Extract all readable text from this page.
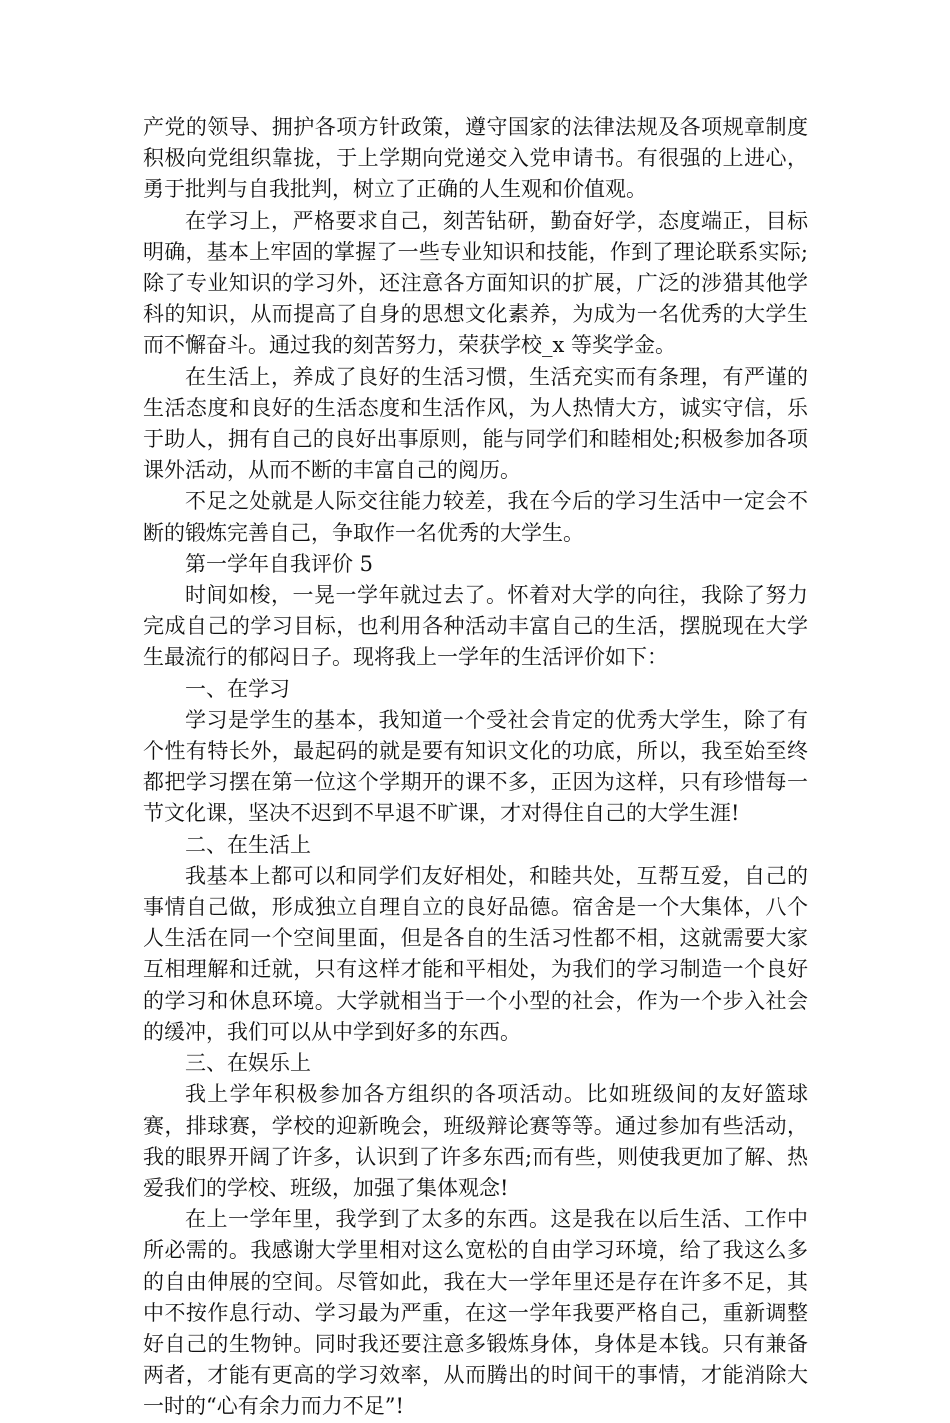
产党的领导、拥护各项方针政策，遵守国家的法律法规及各项规章制度积极向党组织靠拢，于上学期向党递交入党申请书。有很强的上进心，勇于批判与自我批判，树立了正确的人生观和价值观。

在学习上，严格要求自己，刻苦钻研，勤奋好学，态度端正，目标明确，基本上牢固的掌握了一些专业知识和技能，作到了理论联系实际;除了专业知识的学习外，还注意各方面知识的扩展，广泛的涉猎其他学科的知识，从而提高了自身的思想文化素养，为成为一名优秀的大学生而不懈奋斗。通过我的刻苦努力，荣获学校_x 等奖学金。

在生活上，养成了良好的生活习惯，生活充实而有条理，有严谨的生活态度和良好的生活态度和生活作风，为人热情大方，诚实守信，乐于助人，拥有自己的良好出事原则，能与同学们和睦相处;积极参加各项课外活动，从而不断的丰富自己的阅历。

不足之处就是人际交往能力较差，我在今后的学习生活中一定会不断的锻炼完善自己，争取作一名优秀的大学生。

第一学年自我评价 5

时间如梭，一晃一学年就过去了。怀着对大学的向往，我除了努力完成自己的学习目标，也利用各种活动丰富自己的生活，摆脱现在大学生最流行的郁闷日子。现将我上一学年的生活评价如下：

一、在学习

学习是学生的基本，我知道一个受社会肯定的优秀大学生，除了有个性有特长外，最起码的就是要有知识文化的功底，所以，我至始至终都把学习摆在第一位这个学期开的课不多，正因为这样，只有珍惜每一节文化课，坚决不迟到不早退不旷课，才对得住自己的大学生涯!

二、在生活上

我基本上都可以和同学们友好相处，和睦共处，互帮互爱，自己的事情自己做，形成独立自理自立的良好品德。宿舍是一个大集体，八个人生活在同一个空间里面，但是各自的生活习性都不相，这就需要大家互相理解和迁就，只有这样才能和平相处，为我们的学习制造一个良好的学习和休息环境。大学就相当于一个小型的社会，作为一个步入社会的缓冲，我们可以从中学到好多的东西。

三、在娱乐上

我上学年积极参加各方组织的各项活动。比如班级间的友好篮球赛，排球赛，学校的迎新晚会，班级辩论赛等等。通过参加有些活动，我的眼界开阔了许多，认识到了许多东西;而有些，则使我更加了解、热爱我们的学校、班级，加强了集体观念!

在上一学年里，我学到了太多的东西。这是我在以后生活、工作中所必需的。我感谢大学里相对这么宽松的自由学习环境，给了我这么多的自由伸展的空间。尽管如此，我在大一学年里还是存在许多不足，其中不按作息行动、学习最为严重，在这一学年我要严格自己，重新调整好自己的生物钟。同时我还要注意多锻炼身体，身体是本钱。只有兼备两者，才能有更高的学习效率，从而腾出的时间干的事情，才能消除大一时的“心有余力而力不足”!
